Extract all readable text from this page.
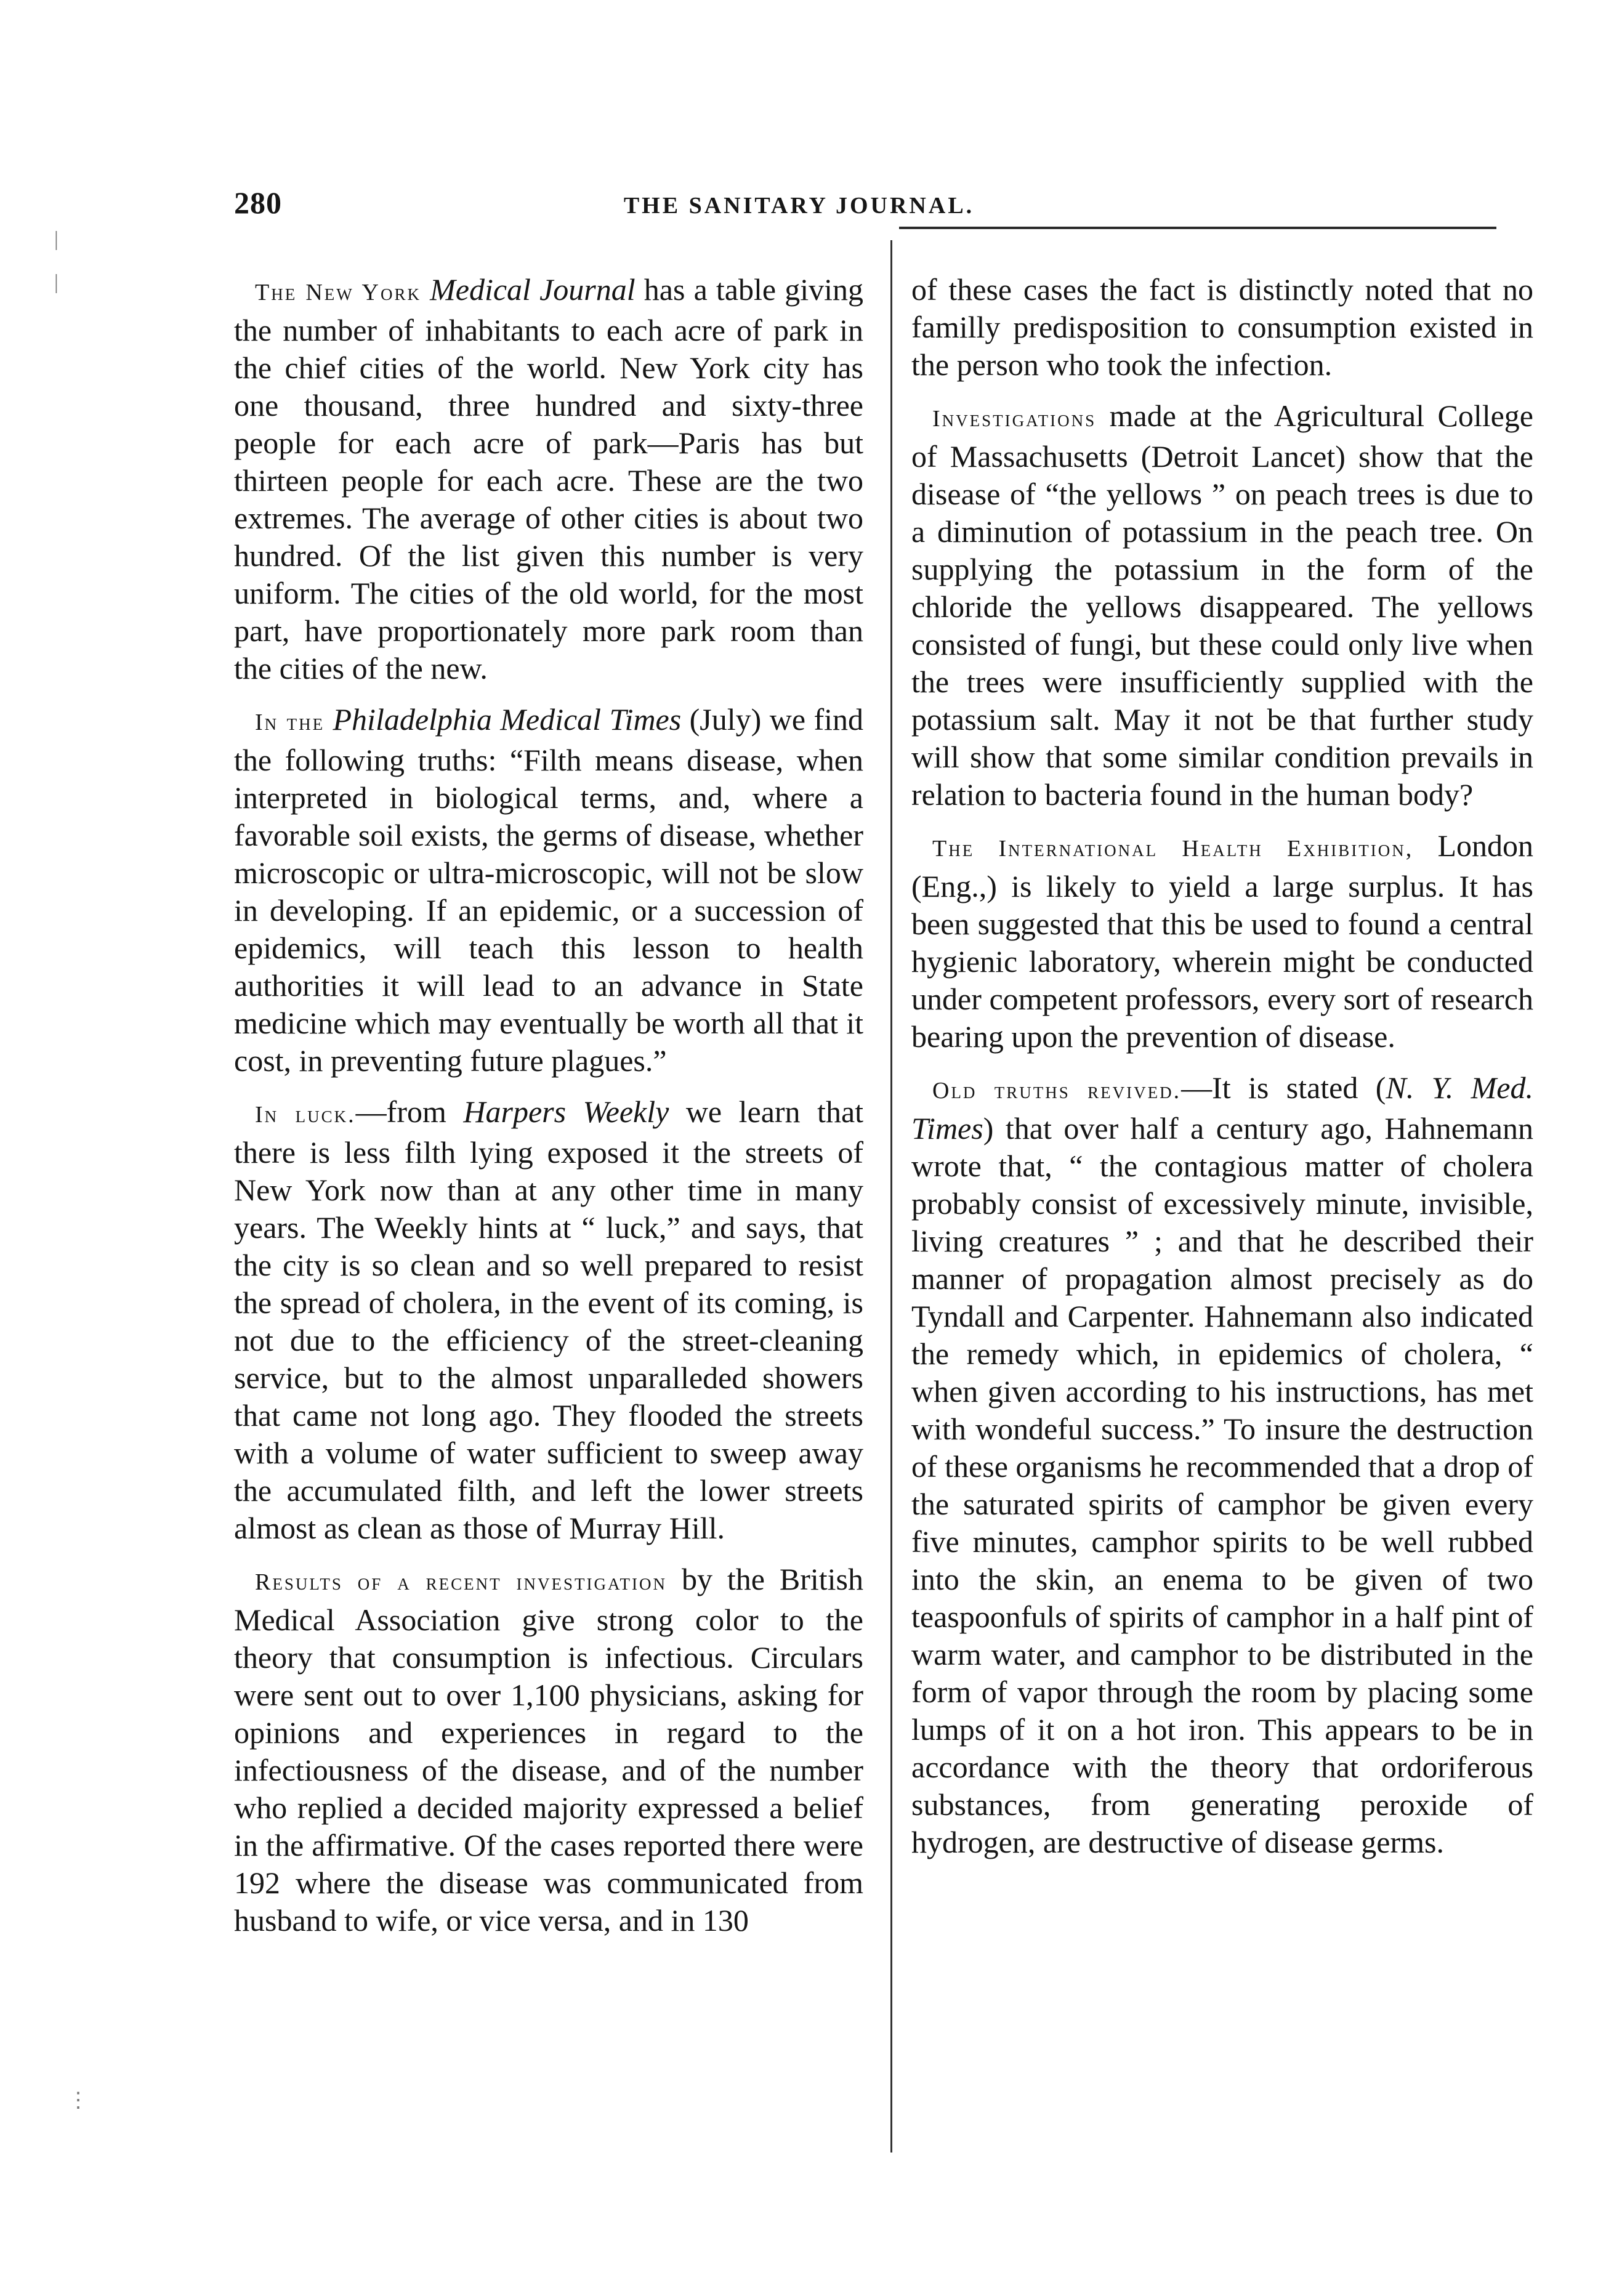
280	THE SANITARY JOURNAL.
|
|
⋮

The New York Medical Journal has a table giving the number of inhabitants to each acre of park in the chief cities of the world. New York city has one thousand, three hundred and sixty-three people for each acre of park—Paris has but thirteen people for each acre. These are the two extremes. The average of other cities is about two hundred. Of the list given this number is very uniform. The cities of the old world, for the most part, have proportionately more park room than the cities of the new.

In the Philadelphia Medical Times (July) we find the following truths: “Filth means disease, when interpreted in biological terms, and, where a favorable soil exists, the germs of disease, whether microscopic or ultra-microscopic, will not be slow in developing. If an epidemic, or a succession of epidemics, will teach this lesson to health authorities it will lead to an advance in State medicine which may eventually be worth all that it cost, in preventing future plagues.”

In luck.—from Harpers Weekly we learn that there is less filth lying exposed it the streets of New York now than at any other time in many years. The Weekly hints at “ luck,” and says, that the city is so clean and so well prepared to resist the spread of cholera, in the event of its coming, is not due to the efficiency of the street-cleaning service, but to the almost unparalleded showers that came not long ago. They flooded the streets with a volume of water sufficient to sweep away the accumulated filth, and left the lower streets almost as clean as those of Murray Hill.

Results of a recent investigation by the British Medical Association give strong color to the theory that consumption is infectious. Circulars were sent out to over 1,100 physicians, asking for opinions and experiences in regard to the infectiousness of the disease, and of the number who replied a decided majority expressed a belief in the affirmative. Of the cases reported there were 192 where the disease was communicated from husband to wife, or vice versa, and in 130

of these cases the fact is distinctly noted that no familly predisposition to consumption existed in the person who took the infection.

Investigations made at the Agricultural College of Massachusetts (Detroit Lancet) show that the disease of “the yellows ” on peach trees is due to a diminution of potassium in the peach tree. On supplying the potassium in the form of the chloride the yellows disappeared. The yellows consisted of fungi, but these could only live when the trees were insufficiently supplied with the potassium salt. May it not be that further study will show that some similar condition prevails in relation to bacteria found in the human body?

The International Health Exhibition, London (Eng.,) is likely to yield a large surplus. It has been suggested that this be used to found a central hygienic laboratory, wherein might be conducted under competent professors, every sort of research bearing upon the prevention of disease.

Old truths revived.—It is stated (N. Y. Med. Times) that over half a century ago, Hahnemann wrote that, “ the contagious matter of cholera probably consist of excessively minute, invisible, living creatures ” ; and that he described their manner of propagation almost precisely as do Tyndall and Carpenter. Hahnemann also indicated the remedy which, in epidemics of cholera, “ when given according to his instructions, has met with wondeful success.” To insure the destruction of these organisms he recommended that a drop of the saturated spirits of camphor be given every five minutes, camphor spirits to be well rubbed into the skin, an enema to be given of two teaspoonfuls of spirits of camphor in a half pint of warm water, and camphor to be distributed in the form of vapor through the room by placing some lumps of it on a hot iron. This appears to be in accordance with the theory that ordoriferous substances, from generating peroxide of hydrogen, are destructive of disease germs.
